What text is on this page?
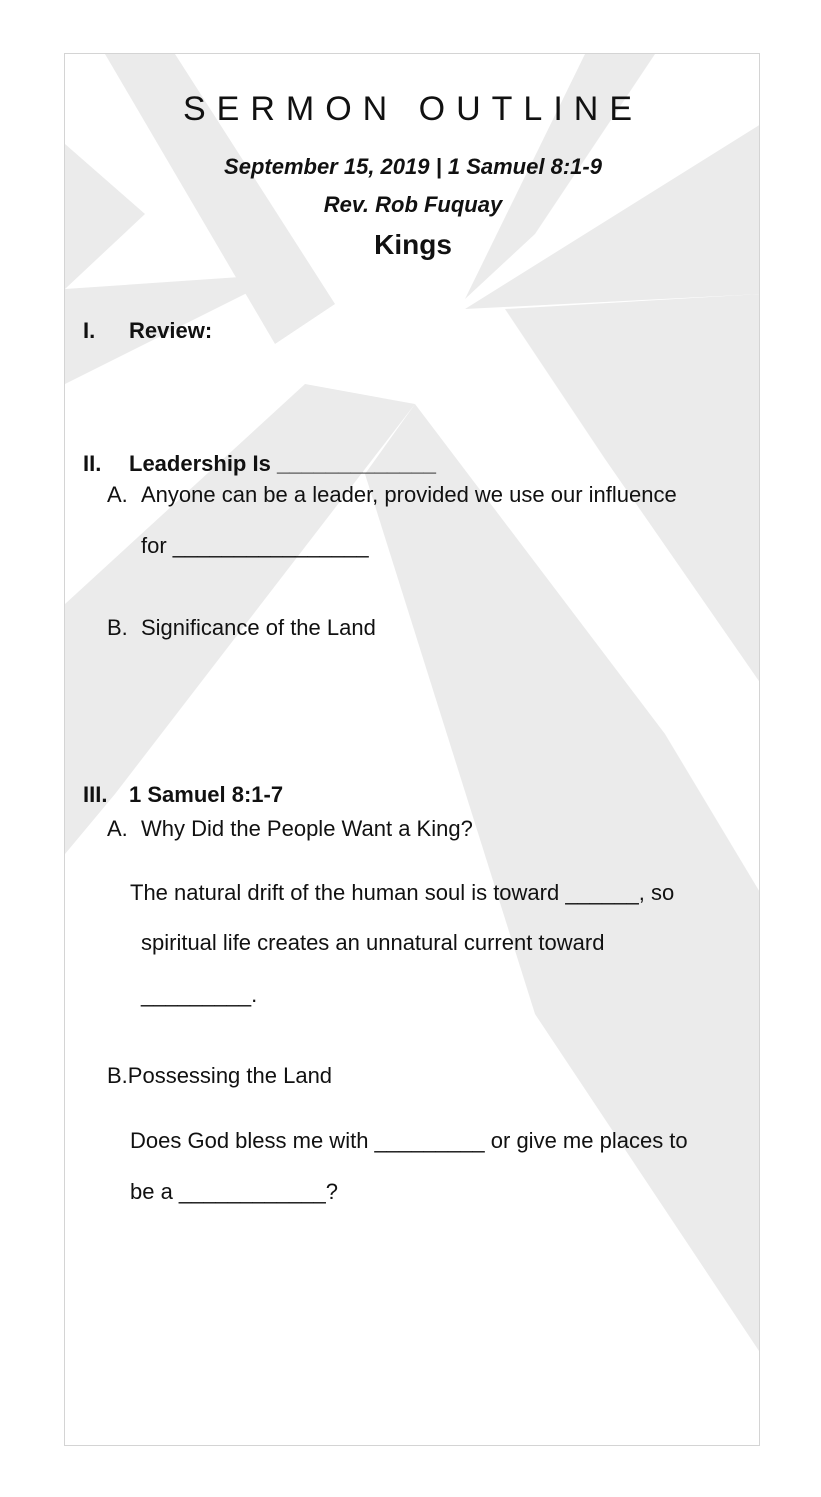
SERMON OUTLINE
September 15, 2019 | 1 Samuel 8:1-9
Rev. Rob Fuquay
Kings
I. Review:
II. Leadership Is _____________
A. Anyone can be a leader, provided we use our influence
for ________________
B. Significance of the Land
III. 1 Samuel 8:1-7
A. Why Did the People Want a King?
The natural drift of the human soul is toward ______, so
spiritual life creates an unnatural current toward
_________.
B.Possessing the Land
Does God bless me with _________ or give me places to
be a ____________?
